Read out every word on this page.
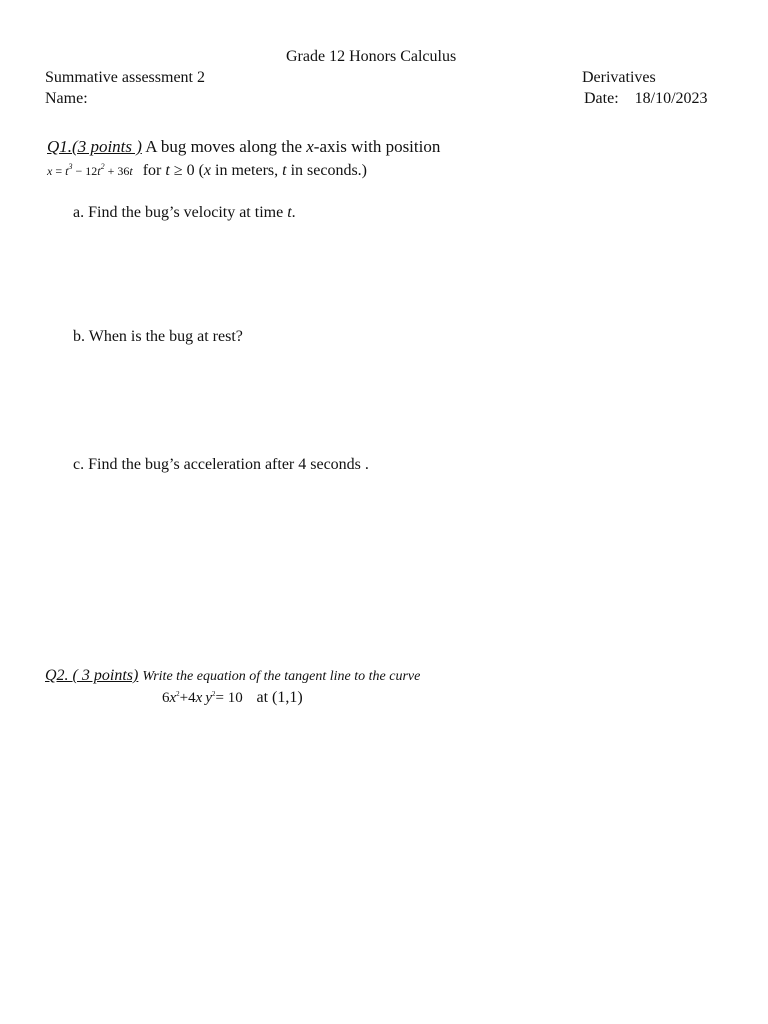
Grade 12 Honors Calculus
Summative assessment 2
Name:
Derivatives
Date: 18/10/2023
Q1.(3 points ) A bug moves along the x-axis with position
$x = t^3 - 12t^2 + 36t$ for t ≥ 0 (x in meters, t in seconds.)
a. Find the bug’s velocity at time t.
b. When is the bug at rest?
c. Find the bug’s acceleration after 4 seconds .
Q2. ( 3 points) Write the equation of the tangent line to the curve
$6x^2+4x$  $y^2= 10$ at (1,1)
